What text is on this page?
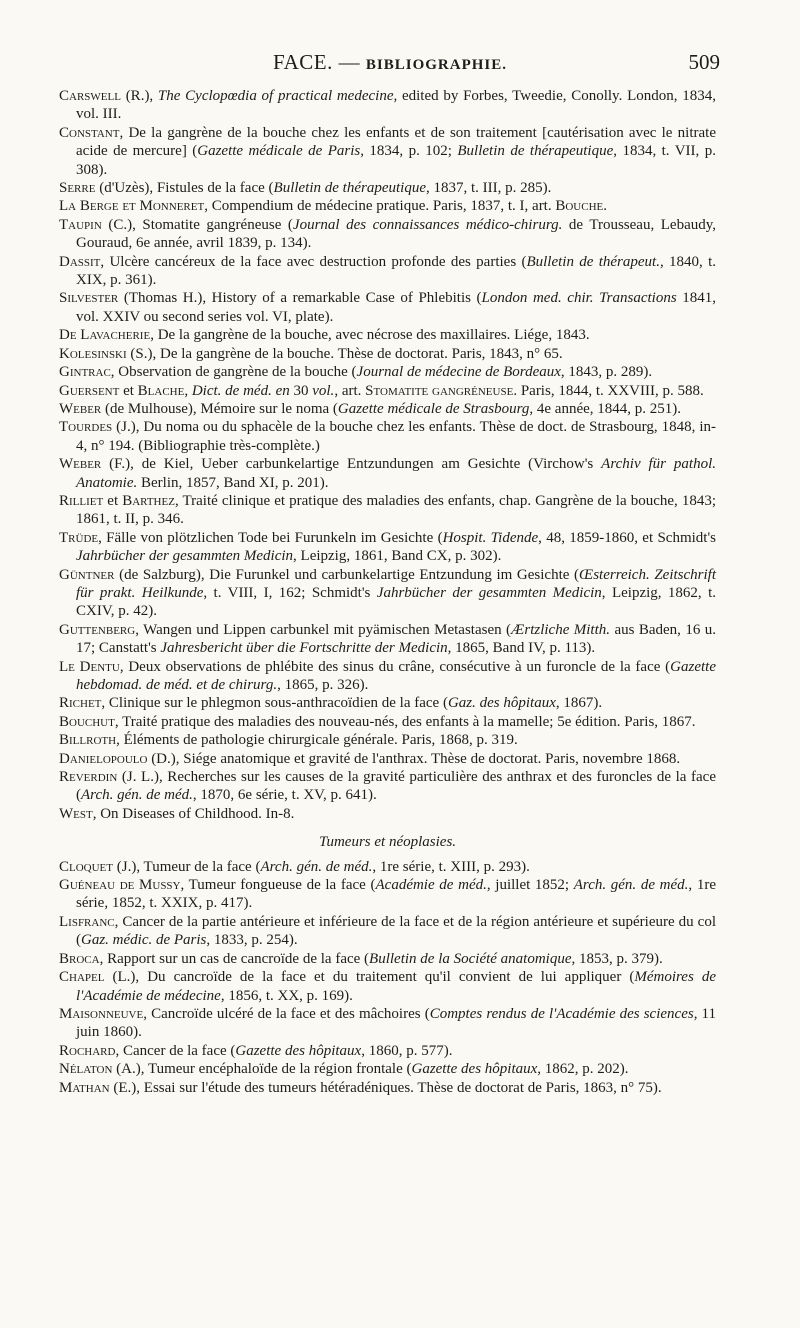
FACE. — BIBLIOGRAPHIE.	509

Carswell (R.), The Cyclopœdia of practical medecine, edited by Forbes, Tweedie, Conolly. London, 1834, vol. III.

Constant, De la gangrène de la bouche chez les enfants et de son traitement [cautérisation avec le nitrate acide de mercure] (Gazette médicale de Paris, 1834, p. 102; Bulletin de thérapeutique, 1834, t. VII, p. 308).

Serre (d'Uzès), Fistules de la face (Bulletin de thérapeutique, 1837, t. III, p. 285).

La Berge et Monneret, Compendium de médecine pratique. Paris, 1837, t. I, art. Bouche.

Taupin (C.), Stomatite gangréneuse (Journal des connaissances médico-chirurg. de Trousseau, Lebaudy, Gouraud, 6e année, avril 1839, p. 134).

Dassit, Ulcère cancéreux de la face avec destruction profonde des parties (Bulletin de thérapeut., 1840, t. XIX, p. 361).

Silvester (Thomas H.), History of a remarkable Case of Phlebitis (London med. chir. Transactions 1841, vol. XXIV ou second series vol. VI, plate).

De Lavacherie, De la gangrène de la bouche, avec nécrose des maxillaires. Liége, 1843.

Kolesinski (S.), De la gangrène de la bouche. Thèse de doctorat. Paris, 1843, n° 65.

Gintrac, Observation de gangrène de la bouche (Journal de médecine de Bordeaux, 1843, p. 289).

Guersent et Blache, Dict. de méd. en 30 vol., art. Stomatite gangréneuse. Paris, 1844, t. XXVIII, p. 588.

Weber (de Mulhouse), Mémoire sur le noma (Gazette médicale de Strasbourg, 4e année, 1844, p. 251).

Tourdes (J.), Du noma ou du sphacèle de la bouche chez les enfants. Thèse de doct. de Strasbourg, 1848, in-4, n° 194. (Bibliographie très-complète.)

Weber (F.), de Kiel, Ueber carbunkelartige Entzundungen am Gesichte (Virchow's Archiv für pathol. Anatomie. Berlin, 1857, Band XI, p. 201).

Rilliet et Barthez, Traité clinique et pratique des maladies des enfants, chap. Gangrène de la bouche, 1843; 1861, t. II, p. 346.

Trüde, Fälle von plötzlichen Tode bei Furunkeln im Gesichte (Hospit. Tidende, 48, 1859-1860, et Schmidt's Jahrbücher der gesammten Medicin, Leipzig, 1861, Band CX, p. 302).

Güntner (de Salzburg), Die Furunkel und carbunkelartige Entzundung im Gesichte (Œsterreich. Zeitschrift für prakt. Heilkunde, t. VIII, I, 162; Schmidt's Jahrbücher der gesammten Medicin, Leipzig, 1862, t. CXIV, p. 42).

Guttenberg, Wangen und Lippen carbunkel mit pyämischen Metastasen (Ærtzliche Mitth. aus Baden, 16 u. 17; Canstatt's Jahresbericht über die Fortschritte der Medicin, 1865, Band IV, p. 113).

Le Dentu, Deux observations de phlébite des sinus du crâne, consécutive à un furoncle de la face (Gazette hebdomad. de méd. et de chirurg., 1865, p. 326).

Richet, Clinique sur le phlegmon sous-anthracoïdien de la face (Gaz. des hôpitaux, 1867).

Bouchut, Traité pratique des maladies des nouveau-nés, des enfants à la mamelle; 5e édition. Paris, 1867.

Billroth, Éléments de pathologie chirurgicale générale. Paris, 1868, p. 319.

Danielopoulo (D.), Siége anatomique et gravité de l'anthrax. Thèse de doctorat. Paris, novembre 1868.

Reverdin (J. L.), Recherches sur les causes de la gravité particulière des anthrax et des furoncles de la face (Arch. gén. de méd., 1870, 6e série, t. XV, p. 641).

West, On Diseases of Childhood. In-8.

Tumeurs et néoplasies.

Cloquet (J.), Tumeur de la face (Arch. gén. de méd., 1re série, t. XIII, p. 293).

Guéneau de Mussy, Tumeur fongueuse de la face (Académie de méd., juillet 1852; Arch. gén. de méd., 1re série, 1852, t. XXIX, p. 417).

Lisfranc, Cancer de la partie antérieure et inférieure de la face et de la région antérieure et supérieure du col (Gaz. médic. de Paris, 1833, p. 254).

Broca, Rapport sur un cas de cancroïde de la face (Bulletin de la Société anatomique, 1853, p. 379).

Chapel (L.), Du cancroïde de la face et du traitement qu'il convient de lui appliquer (Mémoires de l'Académie de médecine, 1856, t. XX, p. 169).

Maisonneuve, Cancroïde ulcéré de la face et des mâchoires (Comptes rendus de l'Académie des sciences, 11 juin 1860).

Rochard, Cancer de la face (Gazette des hôpitaux, 1860, p. 577).

Nélaton (A.), Tumeur encéphaloïde de la région frontale (Gazette des hôpitaux, 1862, p. 202).

Mathan (E.), Essai sur l'étude des tumeurs hétéradéniques. Thèse de doctorat de Paris, 1863, n° 75).
